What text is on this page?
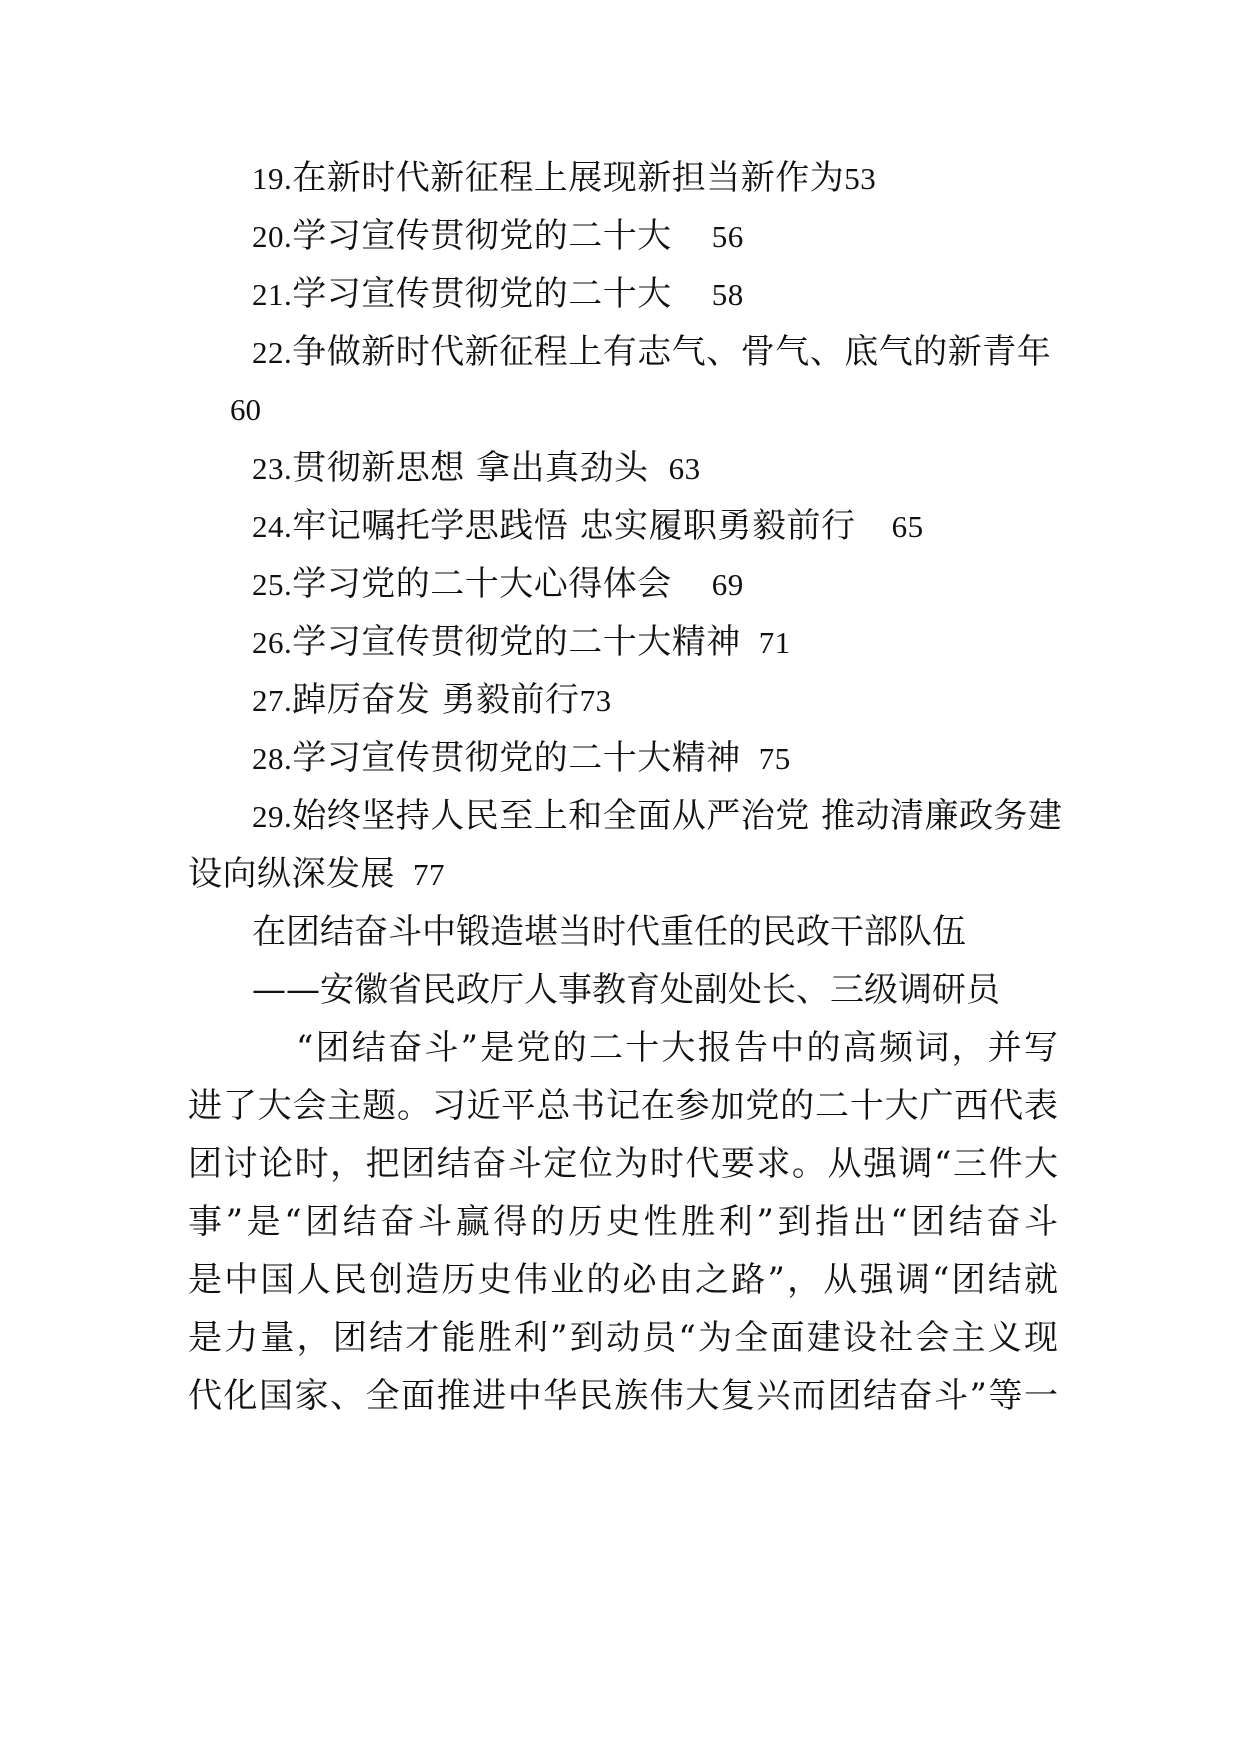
19.在新时代新征程上展现新担当新作为53
20.学习宣传贯彻党的二十大 56
21.学习宣传贯彻党的二十大 58
22.争做新时代新征程上有志气、骨气、底气的新青年
60
23.贯彻新思想 拿出真劲头 63
24.牢记嘱托学思践悟 忠实履职勇毅前行 65
25.学习党的二十大心得体会 69
26.学习宣传贯彻党的二十大精神 71
27.踔厉奋发 勇毅前行73
28.学习宣传贯彻党的二十大精神 75
29.始终坚持人民至上和全面从严治党 推动清廉政务建
设向纵深发展 77
在团结奋斗中锻造堪当时代重任的民政干部队伍
——安徽省民政厅人事教育处副处长、三级调研员
“团结奋斗”是党的二十大报告中的高频词，并写
进了大会主题。习近平总书记在参加党的二十大广西代表
团讨论时，把团结奋斗定位为时代要求。从强调“三件大
事”是“团结奋斗赢得的历史性胜利”到指出“团结奋斗
是中国人民创造历史伟业的必由之路”，从强调“团结就
是力量，团结才能胜利”到动员“为全面建设社会主义现
代化国家、全面推进中华民族伟大复兴而团结奋斗”等一
